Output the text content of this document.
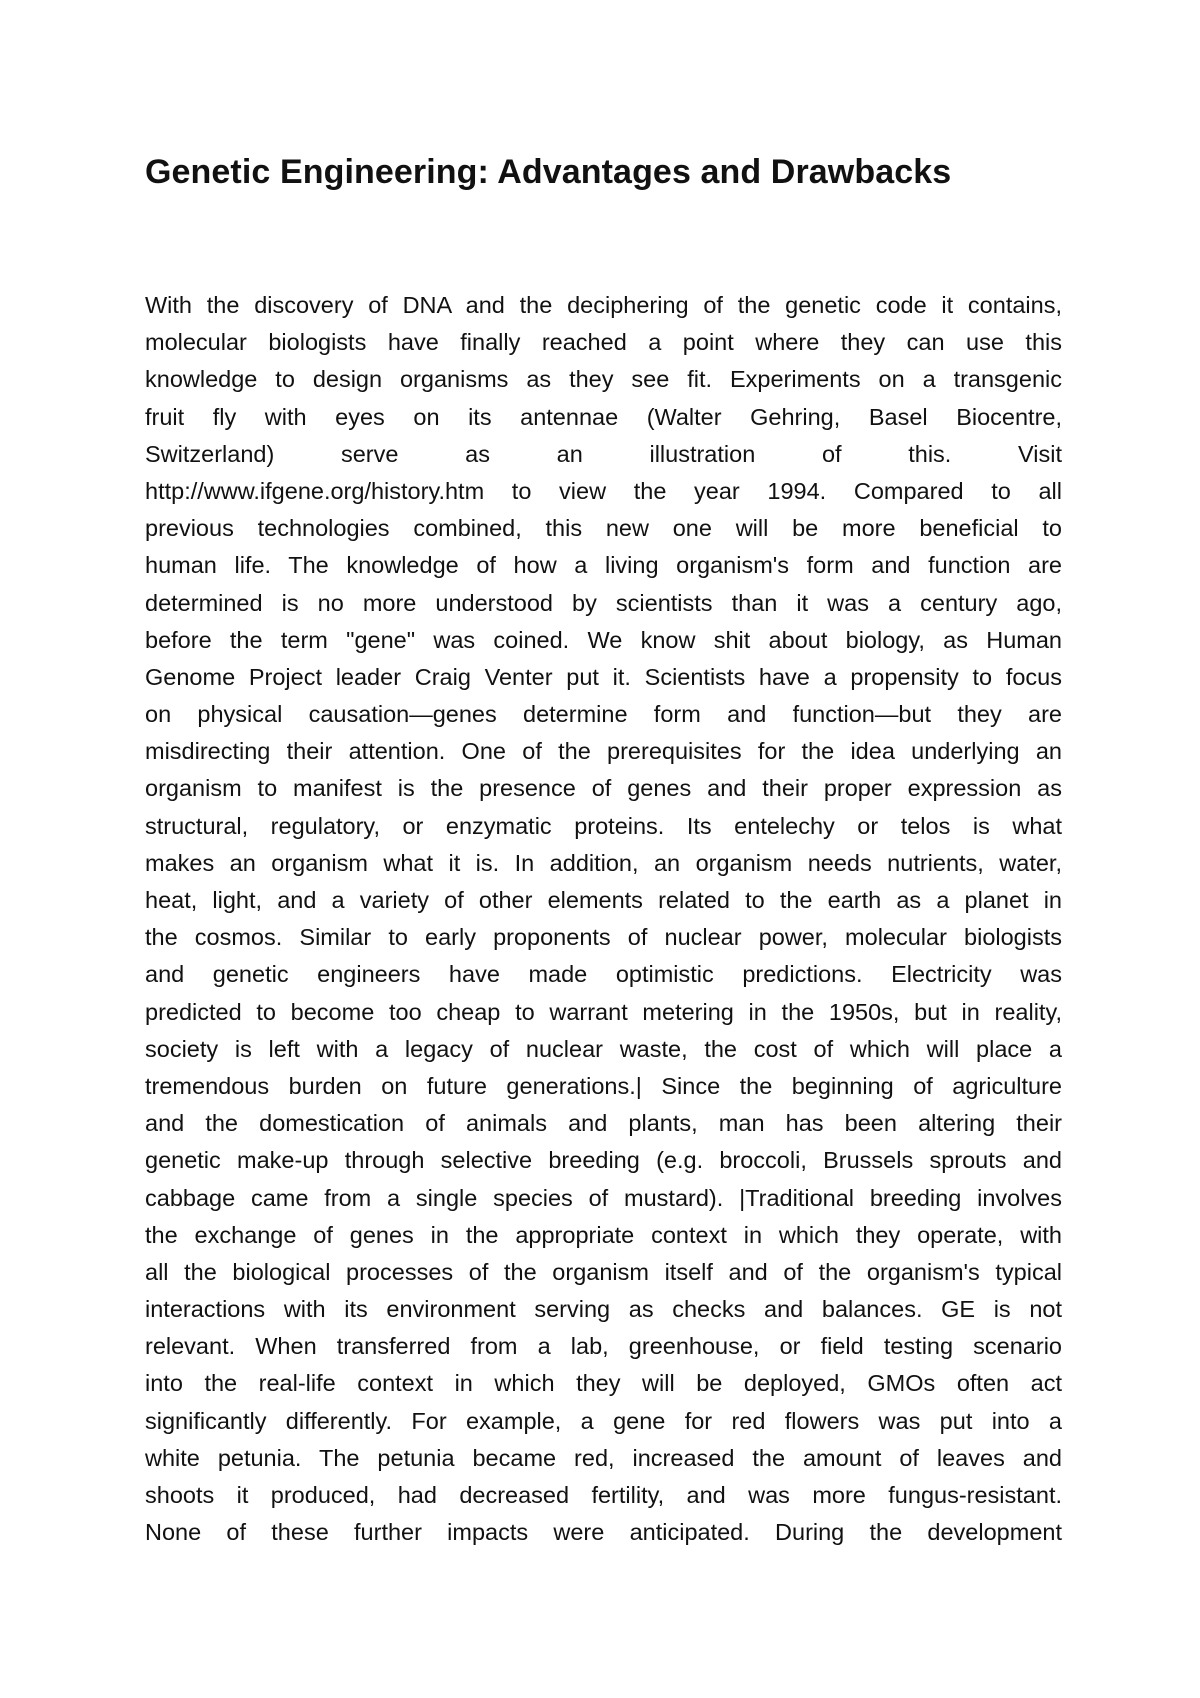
Genetic Engineering: Advantages and Drawbacks
With the discovery of DNA and the deciphering of the genetic code it contains,
molecular biologists have finally reached a point where they can use this
knowledge to design organisms as they see fit. Experiments on a transgenic
fruit fly with eyes on its antennae (Walter Gehring, Basel Biocentre,
Switzerland) serve as an illustration of this. Visit
http://www.ifgene.org/history.htm to view the year 1994. Compared to all
previous technologies combined, this new one will be more beneficial to
human life. The knowledge of how a living organism's form and function are
determined is no more understood by scientists than it was a century ago,
before the term "gene" was coined. We know shit about biology, as Human
Genome Project leader Craig Venter put it. Scientists have a propensity to focus
on physical causation—genes determine form and function—but they are
misdirecting their attention. One of the prerequisites for the idea underlying an
organism to manifest is the presence of genes and their proper expression as
structural, regulatory, or enzymatic proteins. Its entelechy or telos is what
makes an organism what it is. In addition, an organism needs nutrients, water,
heat, light, and a variety of other elements related to the earth as a planet in
the cosmos. Similar to early proponents of nuclear power, molecular biologists
and genetic engineers have made optimistic predictions. Electricity was
predicted to become too cheap to warrant metering in the 1950s, but in reality,
society is left with a legacy of nuclear waste, the cost of which will place a
tremendous burden on future generations.| Since the beginning of agriculture
and the domestication of animals and plants, man has been altering their
genetic make-up through selective breeding (e.g. broccoli, Brussels sprouts and
cabbage came from a single species of mustard). |Traditional breeding involves
the exchange of genes in the appropriate context in which they operate, with
all the biological processes of the organism itself and of the organism's typical
interactions with its environment serving as checks and balances. GE is not
relevant. When transferred from a lab, greenhouse, or field testing scenario
into the real-life context in which they will be deployed, GMOs often act
significantly differently. For example, a gene for red flowers was put into a
white petunia. The petunia became red, increased the amount of leaves and
shoots it produced, had decreased fertility, and was more fungus-resistant.
None of these further impacts were anticipated. During the development
